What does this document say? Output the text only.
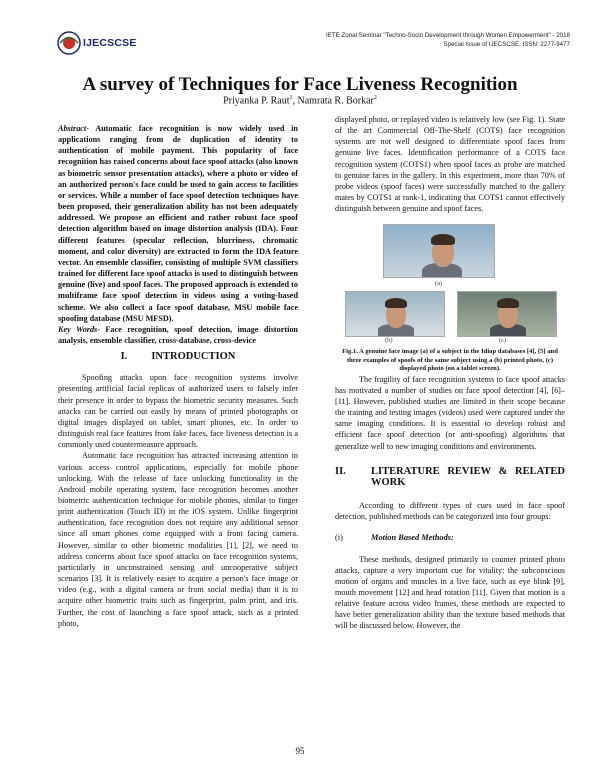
IJECSCSE
IETE Zonal Seminar "Techno-Socio Development through Women Empowerment" - 2018
Special Issue of IJECSCSE, ISSN: 2277-9477
A survey of Techniques for Face Liveness Recognition
Priyanka P. Raut$^1$, Namrata R. Borkar$^2$

Abstract- Automatic face recognition is now widely used in applications ranging from de duplication of identity to authentication of mobile payment. This popularity of face recognition has raised concerns about face spoof attacks (also known as biometric sensor presentation attacks), where a photo or video of an authorized person's face could be used to gain access to facilities or services. While a number of face spoof detection techniques have been proposed, their generalization ability has not been adequately addressed. We propose an efficient and rather robust face spoof detection algorithm based on image distortion analysis (IDA). Four different features (specular reflection, blurriness, chromatic moment, and color diversity) are extracted to form the IDA feature vector. An ensemble classifier, consisting of multiple SVM classifiers trained for different face spoof attacks is used to distinguish between genuine (live) and spoof faces. The proposed approach is extended to multiframe face spoof detection in videos using a voting-based scheme. We also collect a face spoof database, MSU mobile face spoofing database (MSU MFSD).

Key Words- Face recognition, spoof detection, image distortion analysis, ensemble classifier, cross-database, cross-device

I. INTRODUCTION

Spoofing attacks upon face recognition systems involve presenting artificial facial replicas of authorized users to falsely infer their presence in order to bypass the biometric security measures. Such attacks can be carried out easily by means of printed photographs or digital images displayed on tablet, smart phones, etc. In order to distinguish real face features from fake faces, face liveness detection is a commonly used countermeasure approach.

Automatic face recognition has attracted increasing attention in various access control applications, especially for mobile phone unlocking. With the release of face unlocking functionality in the Android mobile operating system, face recognition becomes another biometric authentication technique for mobile phones, similar to finger print authentication (Touch ID) in the iOS system. Unlike fingerprint authentication, face recognition does not require any additional sensor since all smart phones come equipped with a front facing camera. However, similar to other biometric modalities [1], [2], we need to address concerns about face spoof attacks on face recognition systems, particularly in unconstrained sensing and uncooperative subject scenarios [3]. It is relatively easier to acquire a person's face image or video (e.g., with a digital camera or from social media) than it is to acquire other biometric traits such as fingerprint, palm print, and iris. Further, the cost of launching a face spoof attack, such as a printed photo,

displayed photo, or replayed video is relatively low (see Fig. 1). State of the art Commercial Off-The-Shelf (COTS) face recognition systems are not well designed to differentiate spoof faces from genuine live faces. Identification performance of a COTS face recognition system (COTS1) when spoof faces as probe are matched to genuine faces in the gallery. In this experiment, more than 70% of probe videos (spoof faces) were successfully matched to the gallery mates by COTS1 at rank-1, indicating that COTS1 cannot effectively distinguish between genuine and spoof faces.

(a)
(b)	(c)

Fig.1. A genuine face image (a) of a subject in the Idiap databases [4], [5] and three examples of spoofs of the same subject using a (b) printed photo, (c) displayed photo (on a tablet screen).

The fragility of face recognition systems to face spoof attacks has motivated a number of studies on face spoof detection [4], [6]–[11]. However, published studies are limited in their scope because the training and testing images (videos) used were captured under the same imaging conditions. It is essential to develop robust and efficient face spoof detection (or anti-spoofing) algorithms that generalize well to new imaging conditions and environments.

II.	LITERATURE REVIEW & RELATED WORK

According to different types of cues used in face spoof detection, published methods can be categorized into four groups:

(i)	Motion Based Methods:

These methods, designed primarily to counter printed photo attacks, capture a very important cue for vitality: the subconscious motion of organs and muscles in a live face, such as eye blink [9], mouth movement [12] and head rotation [11]. Given that motion is a relative feature across video frames, these methods are expected to have better generalization ability than the texture based methods that will be discussed below. However, the

95
